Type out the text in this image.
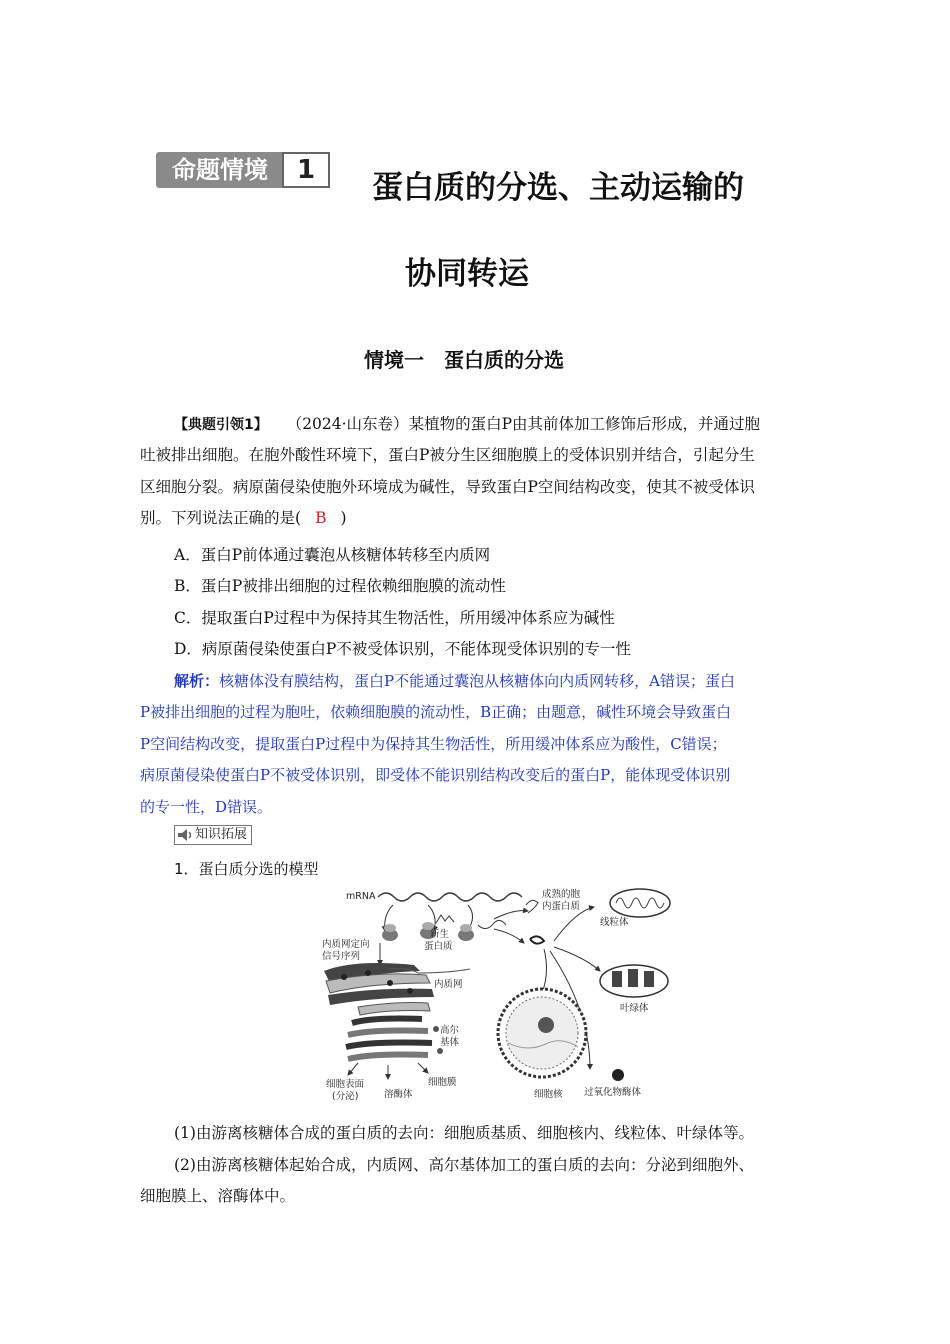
命题情境	1	蛋白质的分选、主动运输的
协同转运
情境一　蛋白质的分选
【典题引领1】 （2024·山东卷）某植物的蛋白P由其前体加工修饰后形成，并通过胞
吐被排出细胞。在胞外酸性环境下，蛋白P被分生区细胞膜上的受体识别并结合，引起分生
区细胞分裂。病原菌侵染使胞外环境成为碱性，导致蛋白P空间结构改变，使其不被受体识
别。下列说法正确的是( B )
A．蛋白P前体通过囊泡从核糖体转移至内质网
B．蛋白P被排出细胞的过程依赖细胞膜的流动性
C．提取蛋白P过程中为保持其生物活性，所用缓冲体系应为碱性
D．病原菌侵染使蛋白P不被受体识别，不能体现受体识别的专一性
解析：核糖体没有膜结构，蛋白P不能通过囊泡从核糖体向内质网转移，A错误；蛋白
P被排出细胞的过程为胞吐，依赖细胞膜的流动性，B正确；由题意，碱性环境会导致蛋白
P空间结构改变，提取蛋白P过程中为保持其生物活性，所用缓冲体系应为酸性，C错误；
病原菌侵染使蛋白P不被受体识别，即受体不能识别结构改变后的蛋白P，能体现受体识别
的专一性，D错误。
知识拓展
1．蛋白质分选的模型
mRNA
新生
蛋白质
内质网定向
信号序列
内质网
高尔
基体
细胞表面
(分泌)	溶酶体
细胞膜
成熟的胞
内蛋白质
线粒体
叶绿体
细胞核 过氧化物酶体
(1)由游离核糖体合成的蛋白质的去向：细胞质基质、细胞核内、线粒体、叶绿体等。
(2)由游离核糖体起始合成，内质网、高尔基体加工的蛋白质的去向：分泌到细胞外、
细胞膜上、溶酶体中。
